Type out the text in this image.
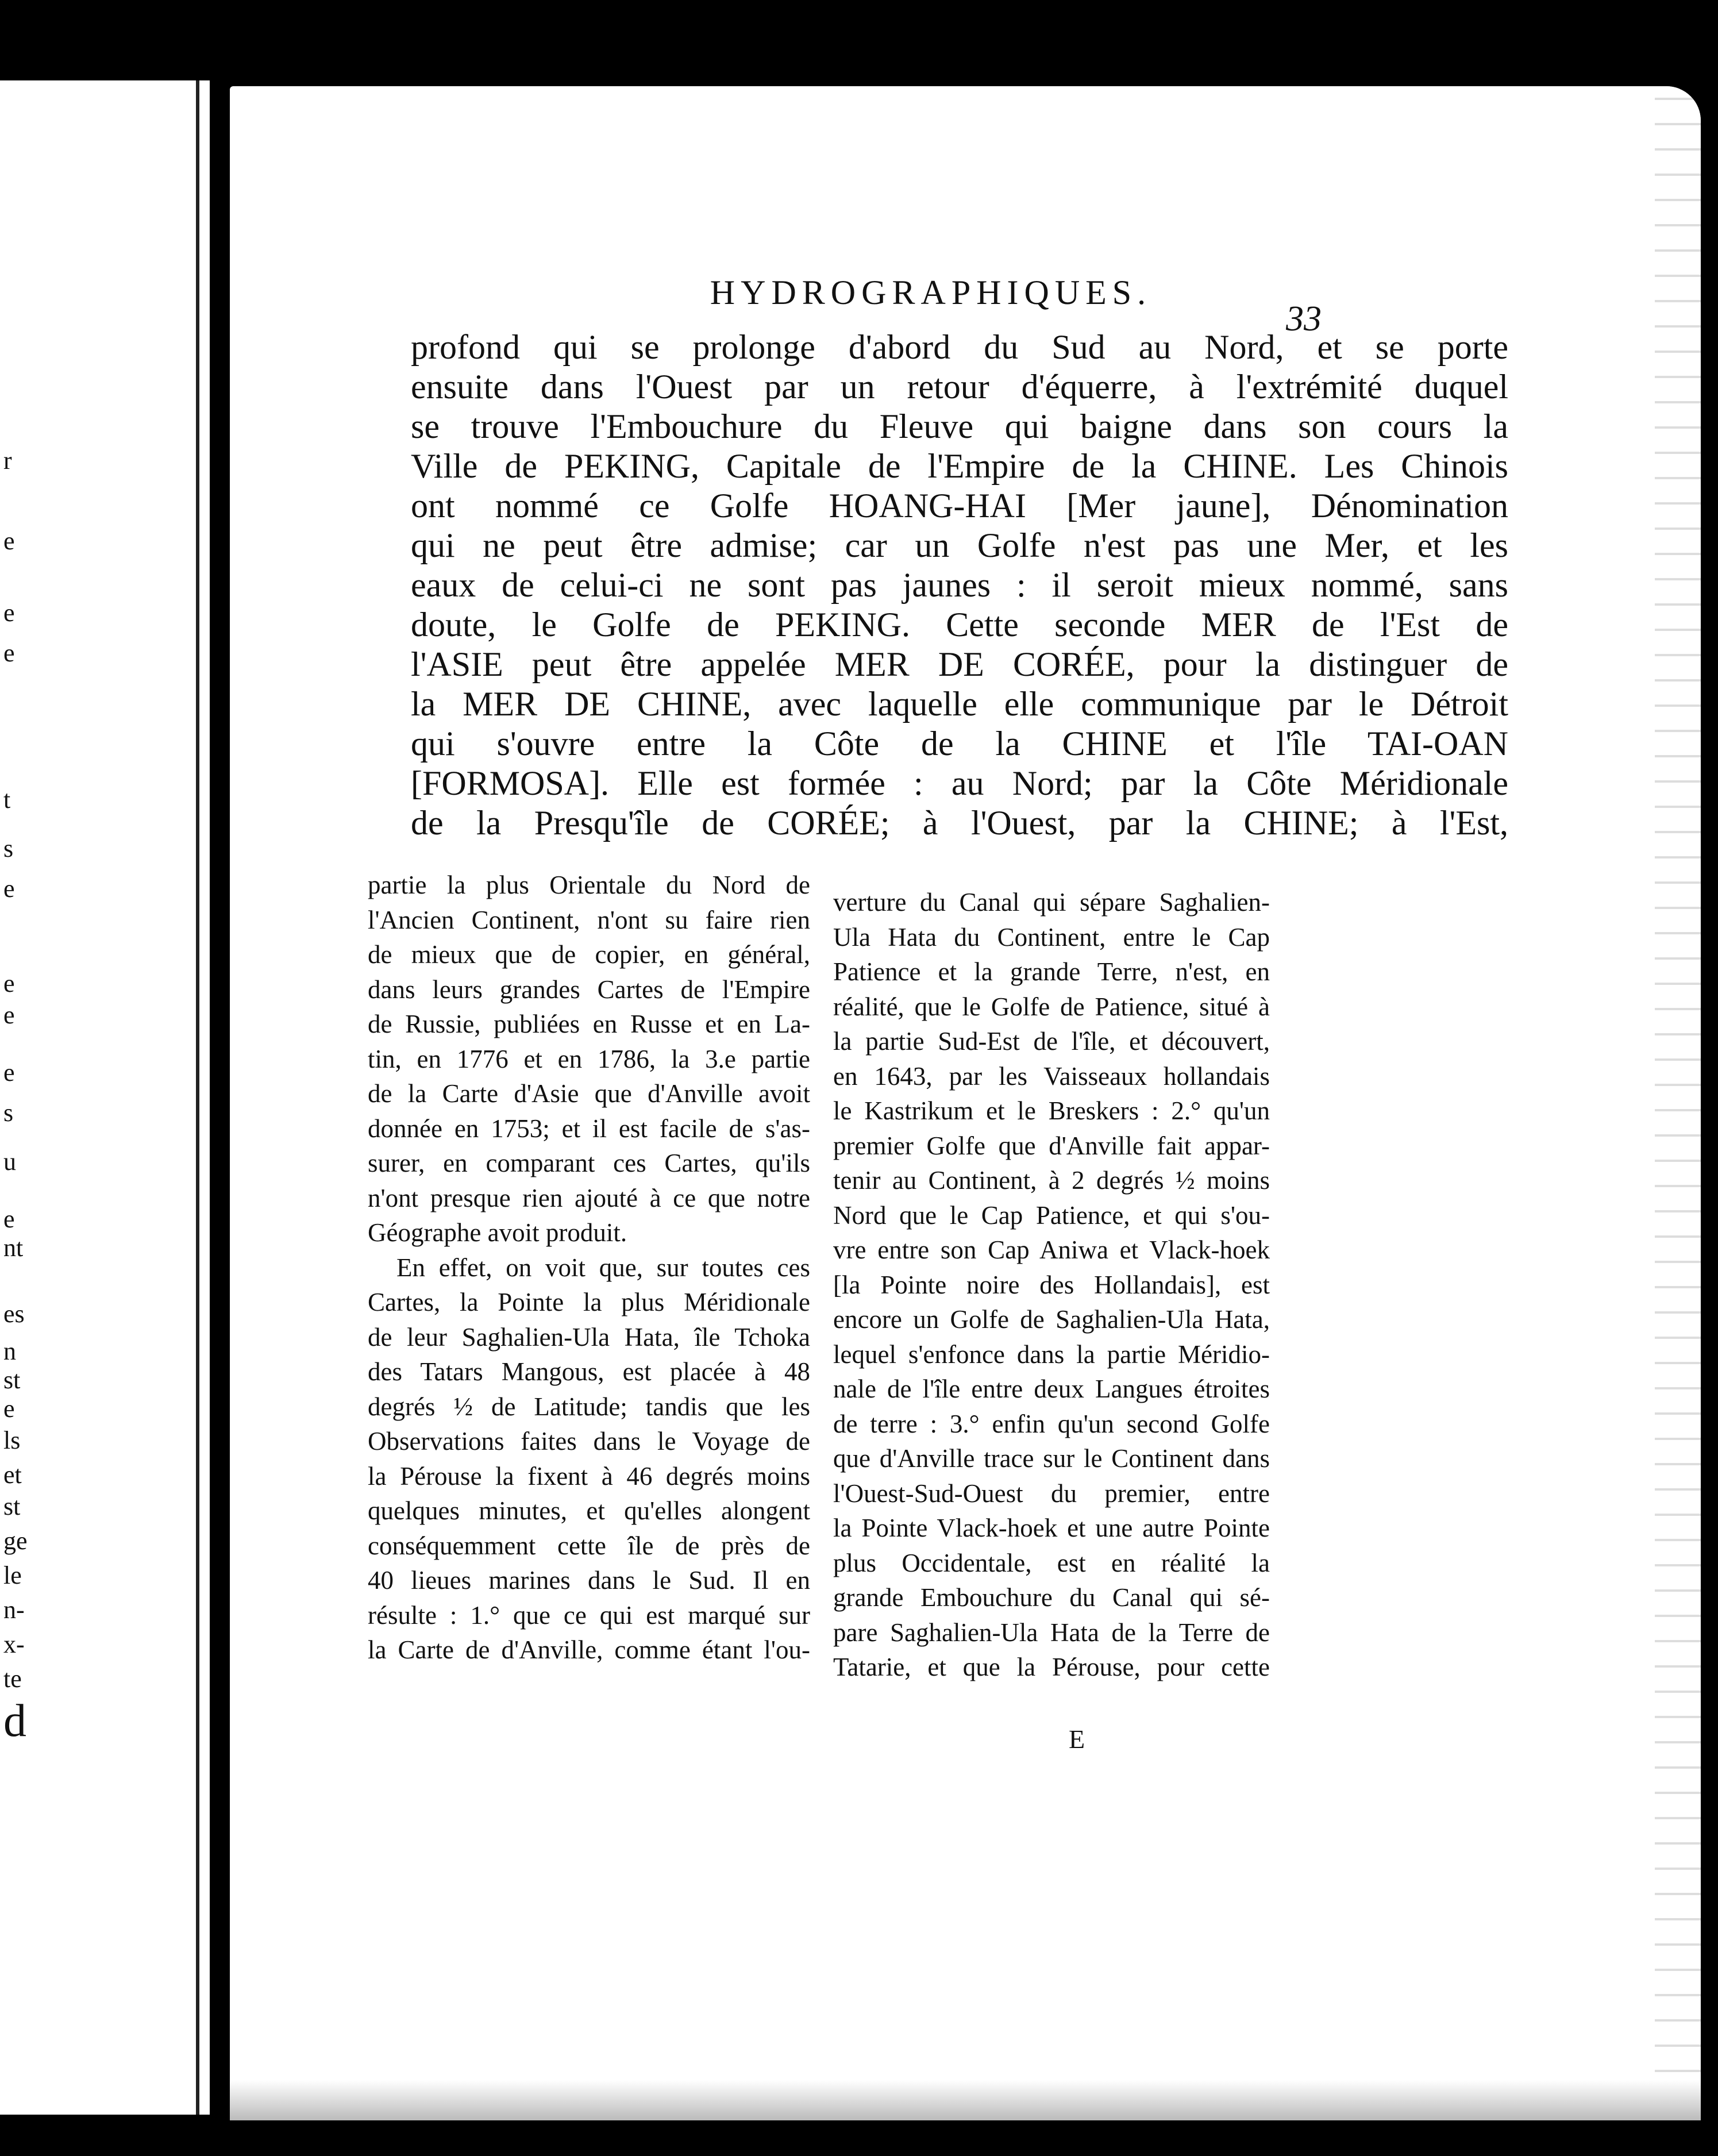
r
e
e
e
t
s
e
e
e
e
s
u
e
nt
es
n
st
e
ls
et
st
ge
le
n-
x-
te
d
HYDROGRAPHIQUES.
33
profond qui se prolonge d'abord du Sud au Nord, et se porte
ensuite dans l'Ouest par un retour d'équerre, à l'extrémité duquel
se trouve l'Embouchure du Fleuve qui baigne dans son cours la
Ville de PEKING, Capitale de l'Empire de la CHINE. Les Chinois
ont nommé ce Golfe HOANG-HAI [Mer jaune], Dénomination
qui ne peut être admise; car un Golfe n'est pas une Mer, et les
eaux de celui-ci ne sont pas jaunes : il seroit mieux nommé, sans
doute, le Golfe de PEKING. Cette seconde MER de l'Est de
l'ASIE peut être appelée MER DE CORÉE, pour la distinguer de
la MER DE CHINE, avec laquelle elle communique par le Détroit
qui s'ouvre entre la Côte de la CHINE et l'île TAI-OAN
[FORMOSA]. Elle est formée : au Nord; par la Côte Méridionale
de la Presqu'île de CORÉE; à l'Ouest, par la CHINE; à l'Est,
partie la plus Orientale du Nord de
l'Ancien Continent, n'ont su faire rien
de mieux que de copier, en général,
dans leurs grandes Cartes de l'Empire
de Russie, publiées en Russe et en La-
tin, en 1776 et en 1786, la 3.e partie
de la Carte d'Asie que d'Anville avoit
donnée en 1753; et il est facile de s'as-
surer, en comparant ces Cartes, qu'ils
n'ont presque rien ajouté à ce que notre
Géographe avoit produit.
En effet, on voit que, sur toutes ces
Cartes, la Pointe la plus Méridionale
de leur Saghalien-Ula Hata, île Tchoka
des Tatars Mangous, est placée à 48
degrés ½ de Latitude; tandis que les
Observations faites dans le Voyage de
la Pérouse la fixent à 46 degrés moins
quelques minutes, et qu'elles alongent
conséquemment cette île de près de
40 lieues marines dans le Sud. Il en
résulte : 1.° que ce qui est marqué sur
la Carte de d'Anville, comme étant l'ou-
verture du Canal qui sépare Saghalien-
Ula Hata du Continent, entre le Cap
Patience et la grande Terre, n'est, en
réalité, que le Golfe de Patience, situé à
la partie Sud-Est de l'île, et découvert,
en 1643, par les Vaisseaux hollandais
le Kastrikum et le Breskers : 2.° qu'un
premier Golfe que d'Anville fait appar-
tenir au Continent, à 2 degrés ½ moins
Nord que le Cap Patience, et qui s'ou-
vre entre son Cap Aniwa et Vlack-hoek
[la Pointe noire des Hollandais], est
encore un Golfe de Saghalien-Ula Hata,
lequel s'enfonce dans la partie Méridio-
nale de l'île entre deux Langues étroites
de terre : 3.° enfin qu'un second Golfe
que d'Anville trace sur le Continent dans
l'Ouest-Sud-Ouest du premier, entre
la Pointe Vlack-hoek et une autre Pointe
plus Occidentale, est en réalité la
grande Embouchure du Canal qui sé-
pare Saghalien-Ula Hata de la Terre de
Tatarie, et que la Pérouse, pour cette
E
